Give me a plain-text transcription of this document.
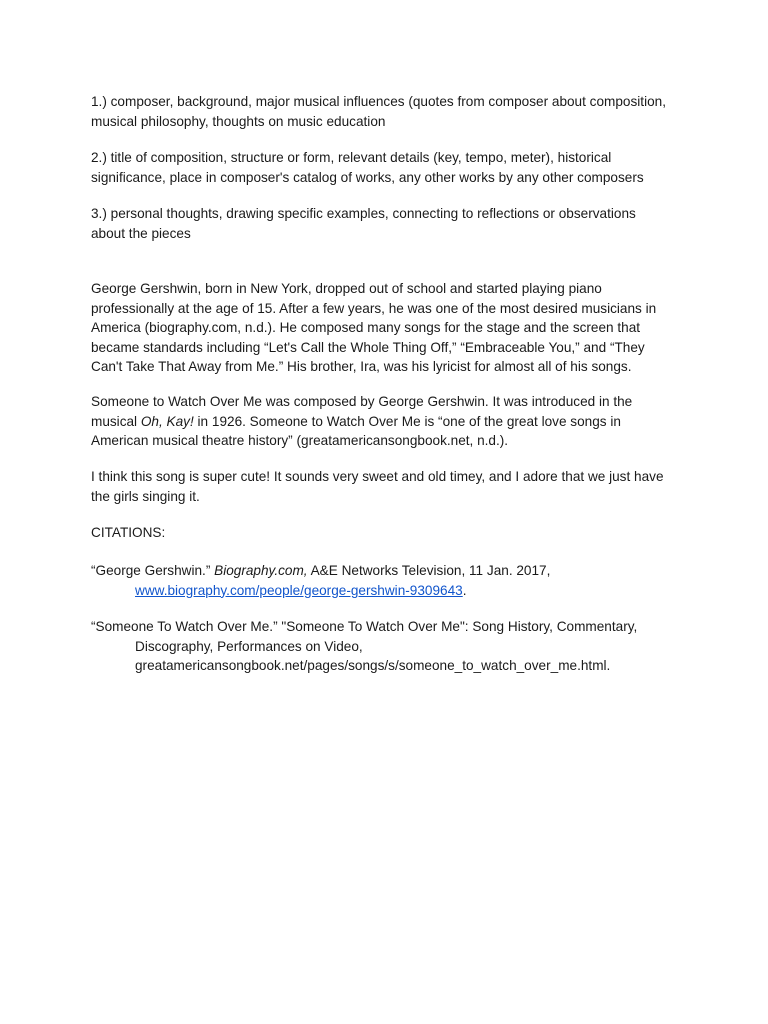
1.) composer, background, major musical influences (quotes from composer about composition,
musical philosophy, thoughts on music education
2.) title of composition, structure or form, relevant details (key, tempo, meter), historical
significance, place in composer's catalog of works, any other works by any other composers
3.) personal thoughts, drawing specific examples, connecting to reflections or observations
about the pieces
George Gershwin, born in New York, dropped out of school and started playing piano
professionally at the age of 15. After a few years, he was one of the most desired musicians in
America (biography.com, n.d.). He composed many songs for the stage and the screen that
became standards including “Let's Call the Whole Thing Off,” “Embraceable You,” and “They
Can't Take That Away from Me.” His brother, Ira, was his lyricist for almost all of his songs.
Someone to Watch Over Me was composed by George Gershwin. It was introduced in the
musical Oh, Kay! in 1926. Someone to Watch Over Me is “one of the great love songs in
American musical theatre history” (greatamericansongbook.net, n.d.).
I think this song is super cute! It sounds very sweet and old timey, and I adore that we just have
the girls singing it.
CITATIONS:
“George Gershwin.” Biography.com, A&E Networks Television, 11 Jan. 2017,
www.biography.com/people/george-gershwin-9309643.
“Someone To Watch Over Me.” "Someone To Watch Over Me": Song History, Commentary,
Discography, Performances on Video,
greatamericansongbook.net/pages/songs/s/someone_to_watch_over_me.html.
